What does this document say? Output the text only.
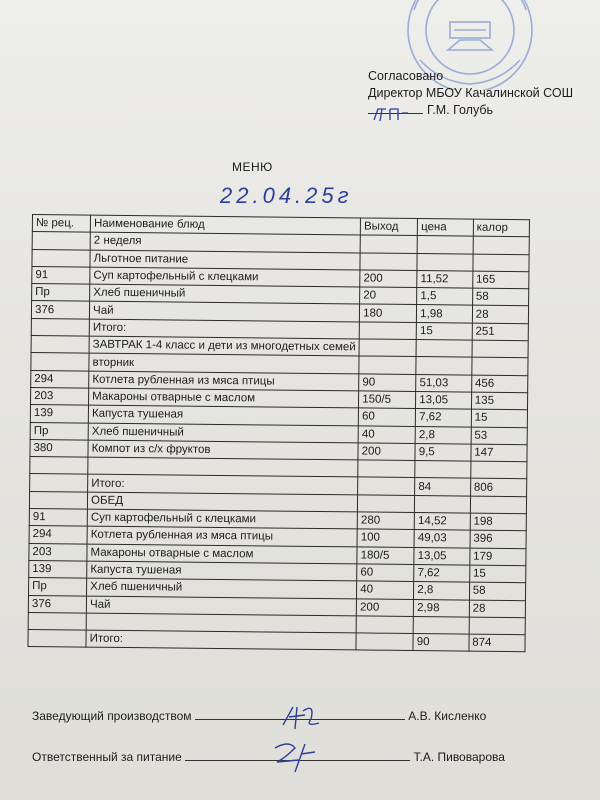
Согласовано
Директор МБОУ Качалинской СОШ
Г.М. Голубь
МЕНЮ
22.04.25г
№ рец.	Наименование блюд	Выход	цена	калор
	2 неделя			
	Льготное питание			
91	Суп картофельный с клецками	200	11,52	165
Пр	Хлеб пшеничный	20	1,5	58
376	Чай	180	1,98	28
	Итого:		15	251
	ЗАВТРАК 1-4 класс и дети из многодетных семей			
	вторник			
294	Котлета рубленная из мяса птицы	90	51,03	456
203	Макароны отварные с маслом	150/5	13,05	135
139	Капуста тушеная	60	7,62	15
Пр	Хлеб пшеничный	40	2,8	53
380	Компот из с/х фруктов	200	9,5	147

	Итого:		84	806
	ОБЕД			
91	Суп картофельный с клецками	280	14,52	198
294	Котлета рубленная из мяса птицы	100	49,03	396
203	Макароны отварные с маслом	180/5	13,05	179
139	Капуста тушеная	60	7,62	15
Пр	Хлеб пшеничный	40	2,8	58
376	Чай	200	2,98	28

	Итого:		90	874
Заведующий производством	А.В. Кисленко
Ответственный за питание	Т.А. Пивоварова
